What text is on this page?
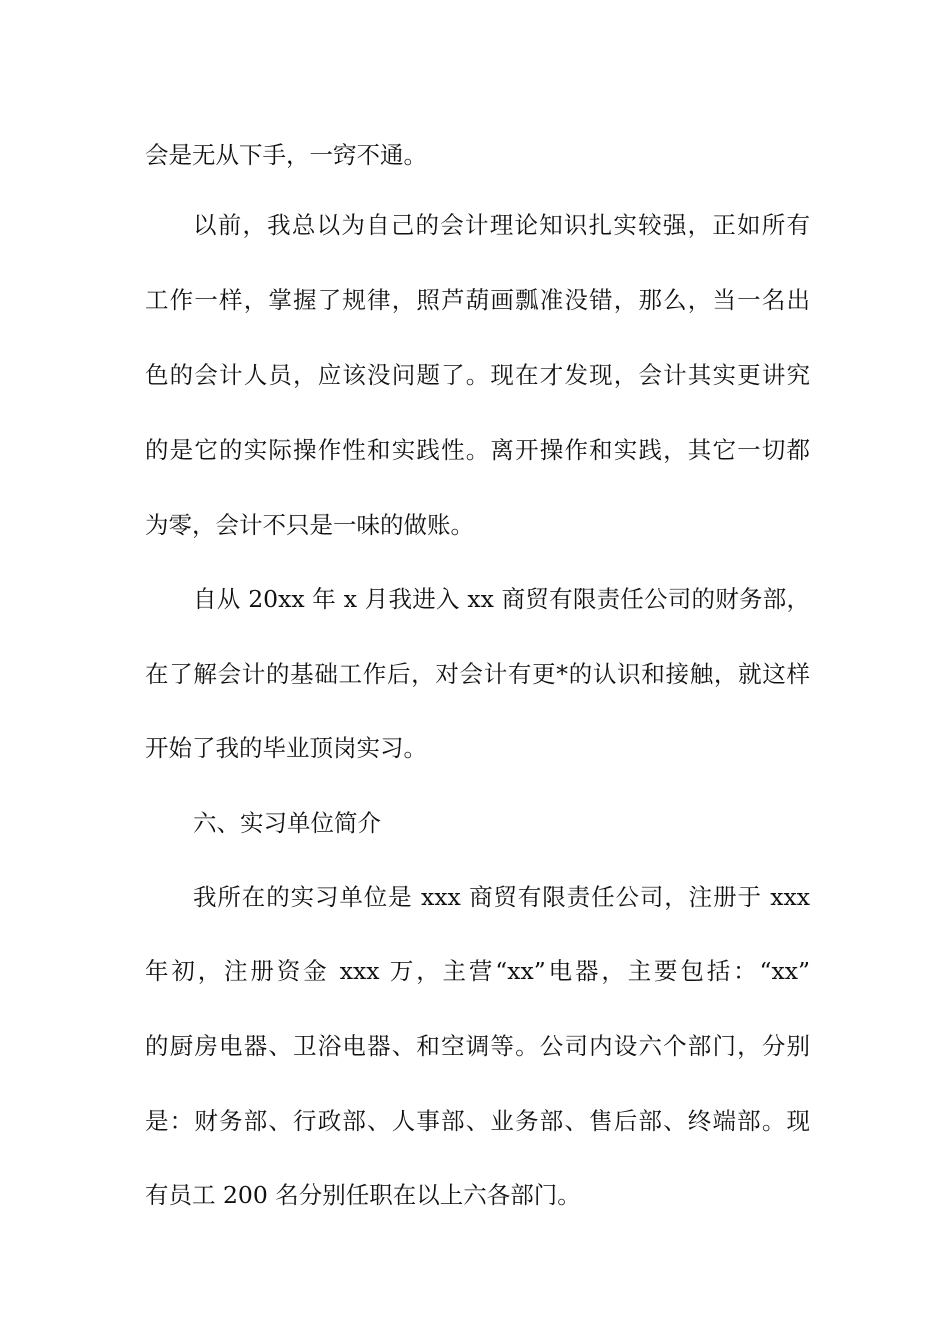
会是无从下手，一窍不通。
以前，我总以为自己的会计理论知识扎实较强，正如所有
工作一样，掌握了规律，照芦葫画瓢准没错，那么，当一名出
色的会计人员，应该没问题了。现在才发现，会计其实更讲究
的是它的实际操作性和实践性。离开操作和实践，其它一切都
为零，会计不只是一味的做账。
自从 20xx 年 x 月我进入 xx 商贸有限责任公司的财务部，
在了解会计的基础工作后，对会计有更*的认识和接触，就这样
开始了我的毕业顶岗实习。
六、实习单位简介
我所在的实习单位是 xxx 商贸有限责任公司，注册于 xxx
年初，注册资金 xxx 万，主营“xx”电器，主要包括：“xx”
的厨房电器、卫浴电器、和空调等。公司内设六个部门，分别
是：财务部、行政部、人事部、业务部、售后部、终端部。现
有员工 200 名分别任职在以上六各部门。
